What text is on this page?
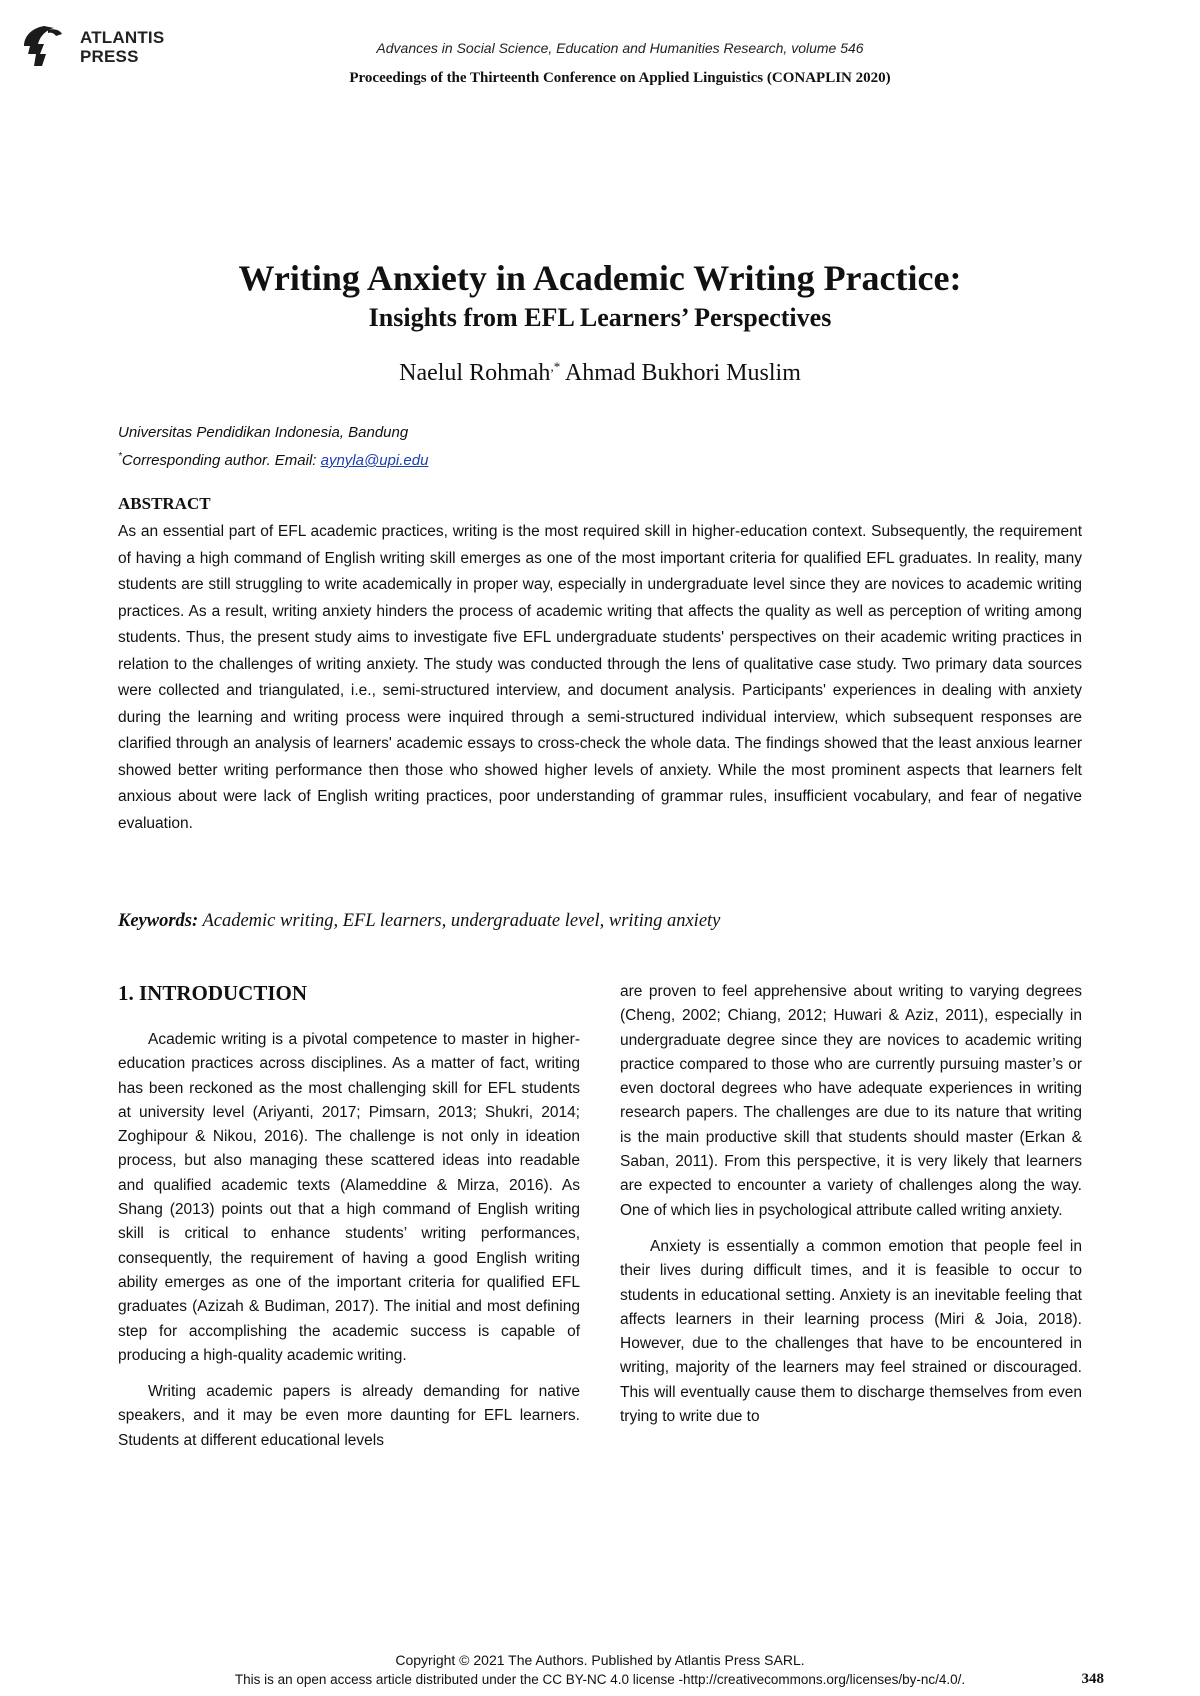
ATLANTIS
PRESS	Advances in Social Science, Education and Humanities Research, volume 546
Proceedings of the Thirteenth Conference on Applied Linguistics (CONAPLIN 2020)
Writing Anxiety in Academic Writing Practice:
Insights from EFL Learners’ Perspectives
Naelul Rohmah,* Ahmad Bukhori Muslim
Universitas Pendidikan Indonesia, Bandung
*Corresponding author. Email: aynyla@upi.edu
ABSTRACT

As an essential part of EFL academic practices, writing is the most required skill in higher-education context. Subsequently, the requirement of having a high command of English writing skill emerges as one of the most important criteria for qualified EFL graduates. In reality, many students are still struggling to write academically in proper way, especially in undergraduate level since they are novices to academic writing practices. As a result, writing anxiety hinders the process of academic writing that affects the quality as well as perception of writing among students. Thus, the present study aims to investigate five EFL undergraduate students' perspectives on their academic writing practices in relation to the challenges of writing anxiety. The study was conducted through the lens of qualitative case study. Two primary data sources were collected and triangulated, i.e., semi-structured interview, and document analysis. Participants' experiences in dealing with anxiety during the learning and writing process were inquired through a semi-structured individual interview, which subsequent responses are clarified through an analysis of learners' academic essays to cross-check the whole data. The findings showed that the least anxious learner showed better writing performance then those who showed higher levels of anxiety. While the most prominent aspects that learners felt anxious about were lack of English writing practices, poor understanding of grammar rules, insufficient vocabulary, and fear of negative evaluation.

Keywords: Academic writing, EFL learners, undergraduate level, writing anxiety
1. INTRODUCTION

Academic writing is a pivotal competence to master in higher-education practices across disciplines. As a matter of fact, writing has been reckoned as the most challenging skill for EFL students at university level (Ariyanti, 2017; Pimsarn, 2013; Shukri, 2014; Zoghipour & Nikou, 2016). The challenge is not only in ideation process, but also managing these scattered ideas into readable and qualified academic texts (Alameddine & Mirza, 2016). As Shang (2013) points out that a high command of English writing skill is critical to enhance students’ writing performances, consequently, the requirement of having a good English writing ability emerges as one of the important criteria for qualified EFL graduates (Azizah & Budiman, 2017). The initial and most defining step for accomplishing the academic success is capable of producing a high-quality academic writing.

Writing academic papers is already demanding for native speakers, and it may be even more daunting for EFL learners. Students at different educational levels

are proven to feel apprehensive about writing to varying degrees (Cheng, 2002; Chiang, 2012; Huwari & Aziz, 2011), especially in undergraduate degree since they are novices to academic writing practice compared to those who are currently pursuing master’s or even doctoral degrees who have adequate experiences in writing research papers. The challenges are due to its nature that writing is the main productive skill that students should master (Erkan & Saban, 2011). From this perspective, it is very likely that learners are expected to encounter a variety of challenges along the way. One of which lies in psychological attribute called writing anxiety.

Anxiety is essentially a common emotion that people feel in their lives during difficult times, and it is feasible to occur to students in educational setting. Anxiety is an inevitable feeling that affects learners in their learning process (Miri & Joia, 2018). However, due to the challenges that have to be encountered in writing, majority of the learners may feel strained or discouraged. This will eventually cause them to discharge themselves from even trying to write due to

Copyright © 2021 The Authors. Published by Atlantis Press SARL.
This is an open access article distributed under the CC BY-NC 4.0 license -http://creativecommons.org/licenses/by-nc/4.0/.	348
